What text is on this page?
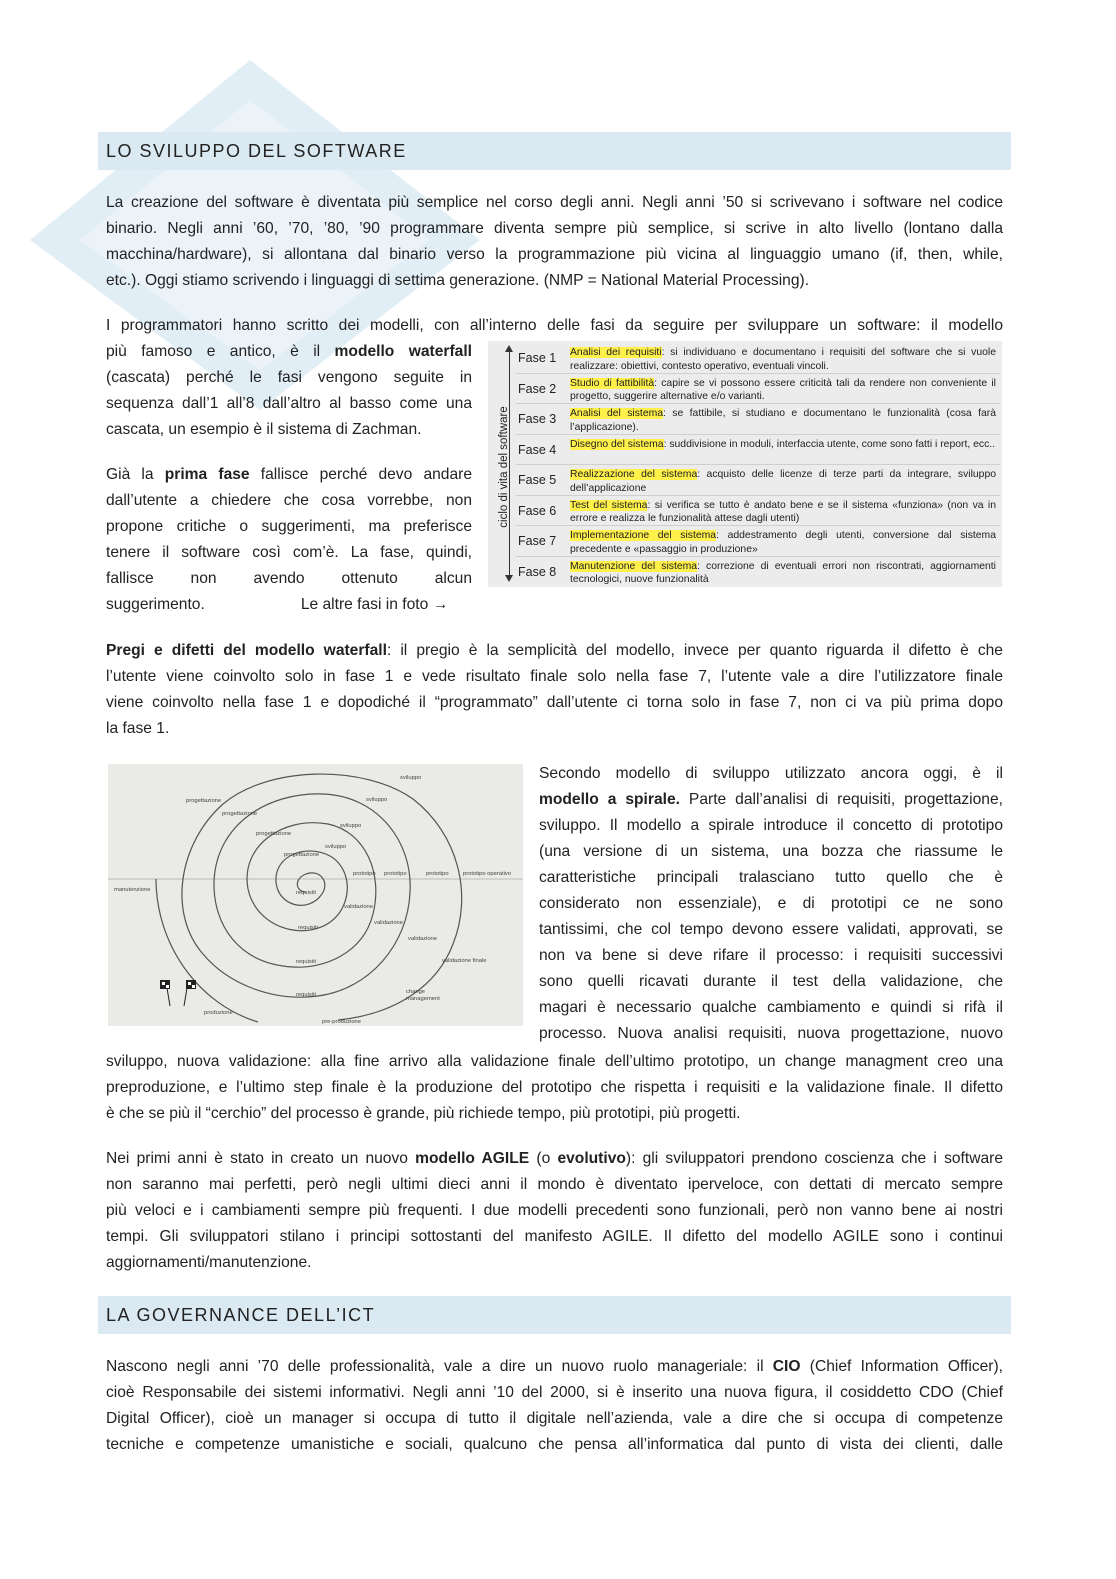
LO SVILUPPO DEL SOFTWARE
La creazione del software è diventata più semplice nel corso degli anni. Negli anni ’50 si scrivevano i software nel codice
binario. Negli anni ’60, ’70, ’80, ’90 programmare diventa sempre più semplice, si scrive in alto livello (lontano dalla
macchina/hardware), si allontana dal binario verso la programmazione più vicina al linguaggio umano (if, then, while,
etc.). Oggi stiamo scrivendo i linguaggi di settima generazione. (NMP = National Material Processing).
I programmatori hanno scritto dei modelli, con all’interno delle fasi da seguire per sviluppare un software: il modello
più famoso e antico, è il modello waterfall
(cascata) perché le fasi vengono seguite in
sequenza dall’1 all’8 dall’altro al basso come una
cascata, un esempio è il sistema di Zachman.
Già la prima fase fallisce perché devo andare
dall’utente a chiedere che cosa vorrebbe, non
propone critiche o suggerimenti, ma preferisce
tenere il software così com’è. La fase, quindi,
fallisce non avendo ottenuto alcun
suggerimento.	Le altre fasi in foto →
ciclo di vita del software
Fase 1 Analisi dei requisiti: si individuano e documentano i requisiti del software che si vuole realizzare: obiettivi, contesto operativo, eventuali vincoli.
Fase 2 Studio di fattibilità: capire se vi possono essere criticità tali da rendere non conveniente il progetto, suggerire alternative e/o varianti.
Fase 3 Analisi del sistema: se fattibile, si studiano e documentano le funzionalità (cosa farà l’applicazione).
Fase 4 Disegno del sistema: suddivisione in moduli, interfaccia utente, come sono fatti i report, ecc..
Fase 5 Realizzazione del sistema: acquisto delle licenze di terze parti da integrare, sviluppo dell’applicazione
Fase 6 Test del sistema: si verifica se tutto è andato bene e se il sistema «funziona» (non va in errore e realizza le funzionalità attese dagli utenti)
Fase 7 Implementazione del sistema: addestramento degli utenti, conversione dal sistema precedente e «passaggio in produzione»
Fase 8 Manutenzione del sistema: correzione di eventuali errori non riscontrati, aggiornamenti tecnologici, nuove funzionalità
Pregi e difetti del modello waterfall: il pregio è la semplicità del modello, invece per quanto riguarda il difetto è che
l’utente viene coinvolto solo in fase 1 e vede risultato finale solo nella fase 7, l’utente vale a dire l’utilizzatore finale
viene coinvolto nella fase 1 e dopodiché il “programmato” dall’utente ci torna solo in fase 7, non ci va più prima dopo
la fase 1.
sviluppo
sviluppo
sviluppo
sviluppo
progettazione
progettazione
progettazione
progettazione
prototipo prototipo	prototipo prototipo operativo
manutenzione	requisiti
requisiti
requisiti
requisiti
validazione
validazione
validazione
validazione finale
change
management
produzione
pre-produzione
Secondo modello di sviluppo utilizzato ancora oggi, è il
modello a spirale. Parte dall’analisi di requisiti, progettazione,
sviluppo. Il modello a spirale introduce il concetto di prototipo
(una versione di un sistema, una bozza che riassume le
caratteristiche principali tralasciano tutto quello che è
considerato non essenziale), e di prototipi ce ne sono
tantissimi, che col tempo devono essere validati, approvati, se
non va bene si deve rifare il processo: i requisiti successivi
sono quelli ricavati durante il test della validazione, che
magari è necessario qualche cambiamento e quindi si rifà il
processo. Nuova analisi requisiti, nuova progettazione, nuovo
sviluppo, nuova validazione: alla fine arrivo alla validazione finale dell’ultimo prototipo, un change managment creo una
preproduzione, e l’ultimo step finale è la produzione del prototipo che rispetta i requisiti e la validazione finale. Il difetto
è che se più il “cerchio” del processo è grande, più richiede tempo, più prototipi, più progetti.
Nei primi anni è stato in creato un nuovo modello AGILE (o evolutivo): gli sviluppatori prendono coscienza che i software
non saranno mai perfetti, però negli ultimi dieci anni il mondo è diventato iperveloce, con dettati di mercato sempre
più veloci e i cambiamenti sempre più frequenti. I due modelli precedenti sono funzionali, però non vanno bene ai nostri
tempi. Gli sviluppatori stilano i principi sottostanti del manifesto AGILE. Il difetto del modello AGILE sono i continui
aggiornamenti/manutenzione.
LA GOVERNANCE DELL’ICT
Nascono negli anni ’70 delle professionalità, vale a dire un nuovo ruolo manageriale: il CIO (Chief Information Officer),
cioè Responsabile dei sistemi informativi. Negli anni ’10 del 2000, si è inserito una nuova figura, il cosiddetto CDO (Chief
Digital Officer), cioè un manager si occupa di tutto il digitale nell’azienda, vale a dire che si occupa di competenze
tecniche e competenze umanistiche e sociali, qualcuno che pensa all’informatica dal punto di vista dei clienti, dalle
